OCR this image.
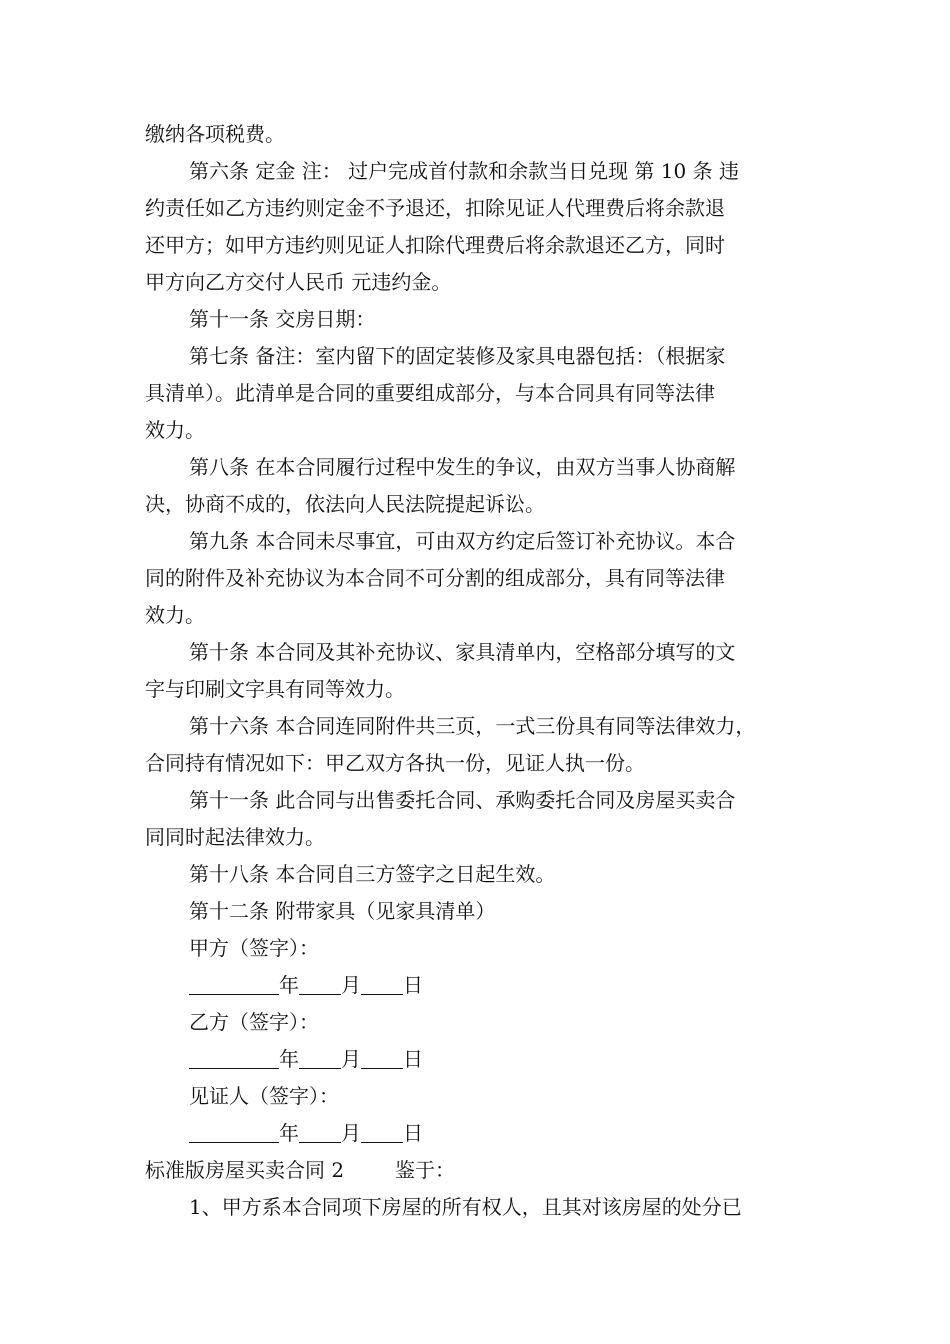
缴纳各项税费。

第六条 定金 注： 过户完成首付款和余款当日兑现 第 10 条 违

约责任如乙方违约则定金不予退还，扣除见证人代理费后将余款退

还甲方；如甲方违约则见证人扣除代理费后将余款退还乙方，同时

甲方向乙方交付人民币 元违约金。

第十一条 交房日期：

第七条 备注：室内留下的固定装修及家具电器包括：（根据家

具清单）。此清单是合同的重要组成部分，与本合同具有同等法律

效力。

第八条 在本合同履行过程中发生的争议，由双方当事人协商解

决，协商不成的，依法向人民法院提起诉讼。

第九条 本合同未尽事宜，可由双方约定后签订补充协议。本合

同的附件及补充协议为本合同不可分割的组成部分，具有同等法律

效力。

第十条 本合同及其补充协议、家具清单内，空格部分填写的文

字与印刷文字具有同等效力。

第十六条 本合同连同附件共三页，一式三份具有同等法律效力，

合同持有情况如下：甲乙双方各执一份，见证人执一份。

第十一条 此合同与出售委托合同、承购委托合同及房屋买卖合

同同时起法律效力。

第十八条 本合同自三方签字之日起生效。

第十二条 附带家具（见家具清单）

甲方（签字）：

年 月 日

乙方（签字）：

年 月 日

见证人（签字）：

年 月 日

标准版房屋买卖合同 2        鉴于：

1、甲方系本合同项下房屋的所有权人，且其对该房屋的处分已
